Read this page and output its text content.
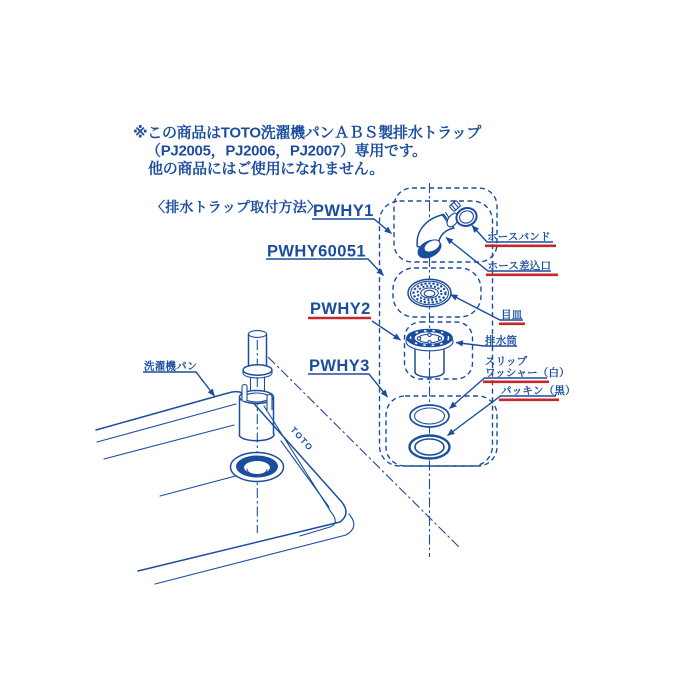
※この商品はTOTO洗濯機パンＡＢＳ製排水トラップ
（PJ2005，PJ2006，PJ2007）専用です。
他の商品にはご使用になれません。
〈排水トラップ取付方法〉
TOTO
PWHY1
PWHY60051
PWHY2
PWHY3
ホースバンド
ホース差込口
目皿
排水筒
スリップ
ワッシャー（白）
パッキン（黒）
洗濯機パン
